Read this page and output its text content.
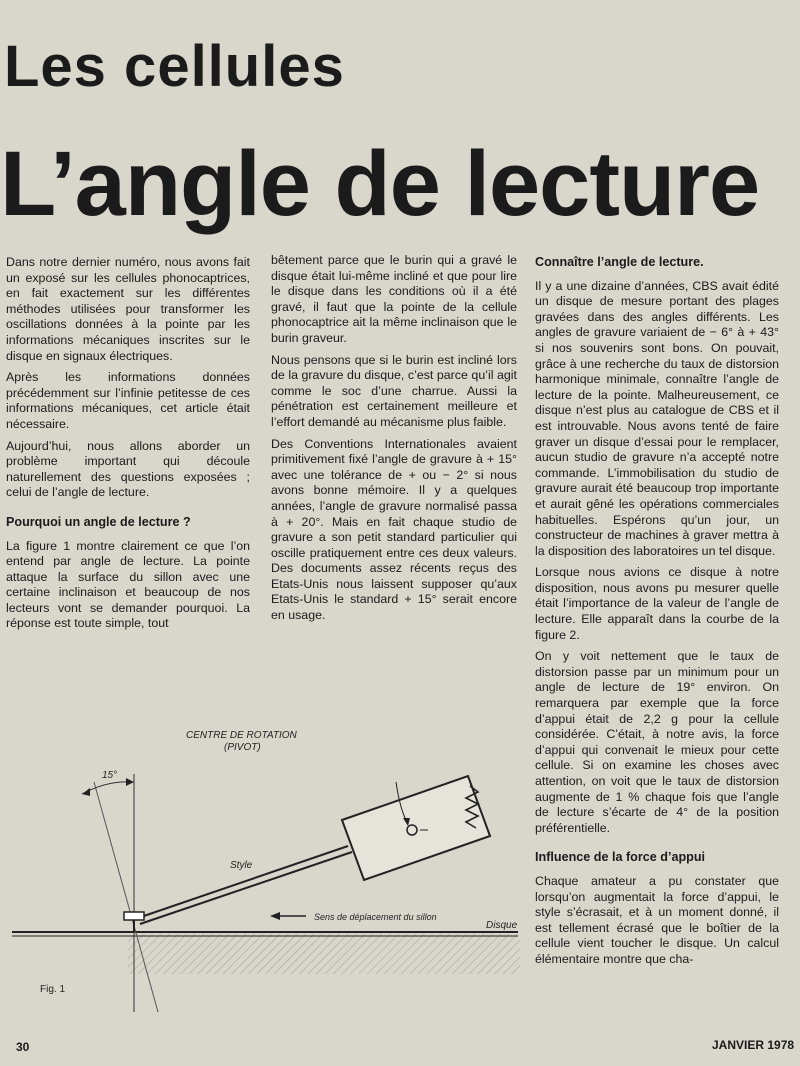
Les cellules
L’angle de lecture

Dans notre dernier numéro, nous avons fait un exposé sur les cellules phonocaptrices, en fait exactement sur les différentes méthodes utilisées pour transformer les oscillations données à la pointe par les informations mécaniques inscrites sur le disque en signaux électriques.

Après les informations données précédemment sur l’infinie petitesse de ces informations mécaniques, cet article était nécessaire.

Aujourd’hui, nous allons aborder un problème important qui découle naturellement des questions exposées ; celui de l’angle de lecture.

Pourquoi un angle de lecture ?

La figure 1 montre clairement ce que l’on entend par angle de lecture. La pointe attaque la surface du sillon avec une certaine inclinaison et beaucoup de nos lecteurs vont se demander pourquoi. La réponse est toute simple, tout

bêtement parce que le burin qui a gravé le disque était lui-même incliné et que pour lire le disque dans les conditions où il a été gravé, il faut que la pointe de la cellule phonocaptrice ait la même inclinaison que le burin graveur.

Nous pensons que si le burin est incliné lors de la gravure du disque, c’est parce qu’il agit comme le soc d’une charrue. Aussi la pénétration est certainement meilleure et l’effort demandé au mécanisme plus faible.

Des Conventions Internationales avaient primitivement fixé l’angle de gravure à + 15° avec une tolérance de + ou − 2° si nous avons bonne mémoire. Il y a quelques années, l’angle de gravure normalisé passa à + 20°. Mais en fait chaque studio de gravure a son petit standard particulier qui oscille pratiquement entre ces deux valeurs. Des documents assez récents reçus des Etats-Unis nous laissent supposer qu’aux Etats-Unis le standard + 15° serait encore en usage.

Connaître l’angle de lecture.

Il y a une dizaine d’années, CBS avait édité un disque de mesure portant des plages gravées dans des angles différents. Les angles de gravure variaient de − 6° à + 43° si nos souvenirs sont bons. On pouvait, grâce à une recherche du taux de distorsion harmonique minimale, connaître l’angle de lecture de la pointe. Malheureusement, ce disque n’est plus au catalogue de CBS et il est introuvable. Nous avons tenté de faire graver un disque d’essai pour le remplacer, aucun studio de gravure n’a accepté notre commande. L’immobilisation du studio de gravure aurait été beaucoup trop importante et aurait gêné les opérations commerciales habituelles. Espérons qu’un jour, un constructeur de machines à graver mettra à la disposition des laboratoires un tel disque.

Lorsque nous avions ce disque à notre disposition, nous avons pu mesurer quelle était l’importance de la valeur de l’angle de lecture. Elle apparaît dans la courbe de la figure 2.

On y voit nettement que le taux de distorsion passe par un minimum pour un angle de lecture de 19° environ. On remarquera par exemple que la force d’appui était de 2,2 g pour la cellule considérée. C’était, à notre avis, la force d’appui qui convenait le mieux pour cette cellule. Si on examine les choses avec attention, on voit que le taux de distorsion augmente de 1 % chaque fois que l’angle de lecture s’écarte de 4° de la position préférentielle.

Influence de la force d’appui

Chaque amateur a pu constater que lorsqu’on augmentait la force d’appui, le style s’écrasait, et à un moment donné, il est tellement écrasé que le boîtier de la cellule vient toucher le disque. Un calcul élémentaire montre que cha-

CENTRE DE ROTATION
(PIVOT)
15°
Style
Sens de déplacement du sillon
Disque
Fig. 1
30	JANVIER 1978
